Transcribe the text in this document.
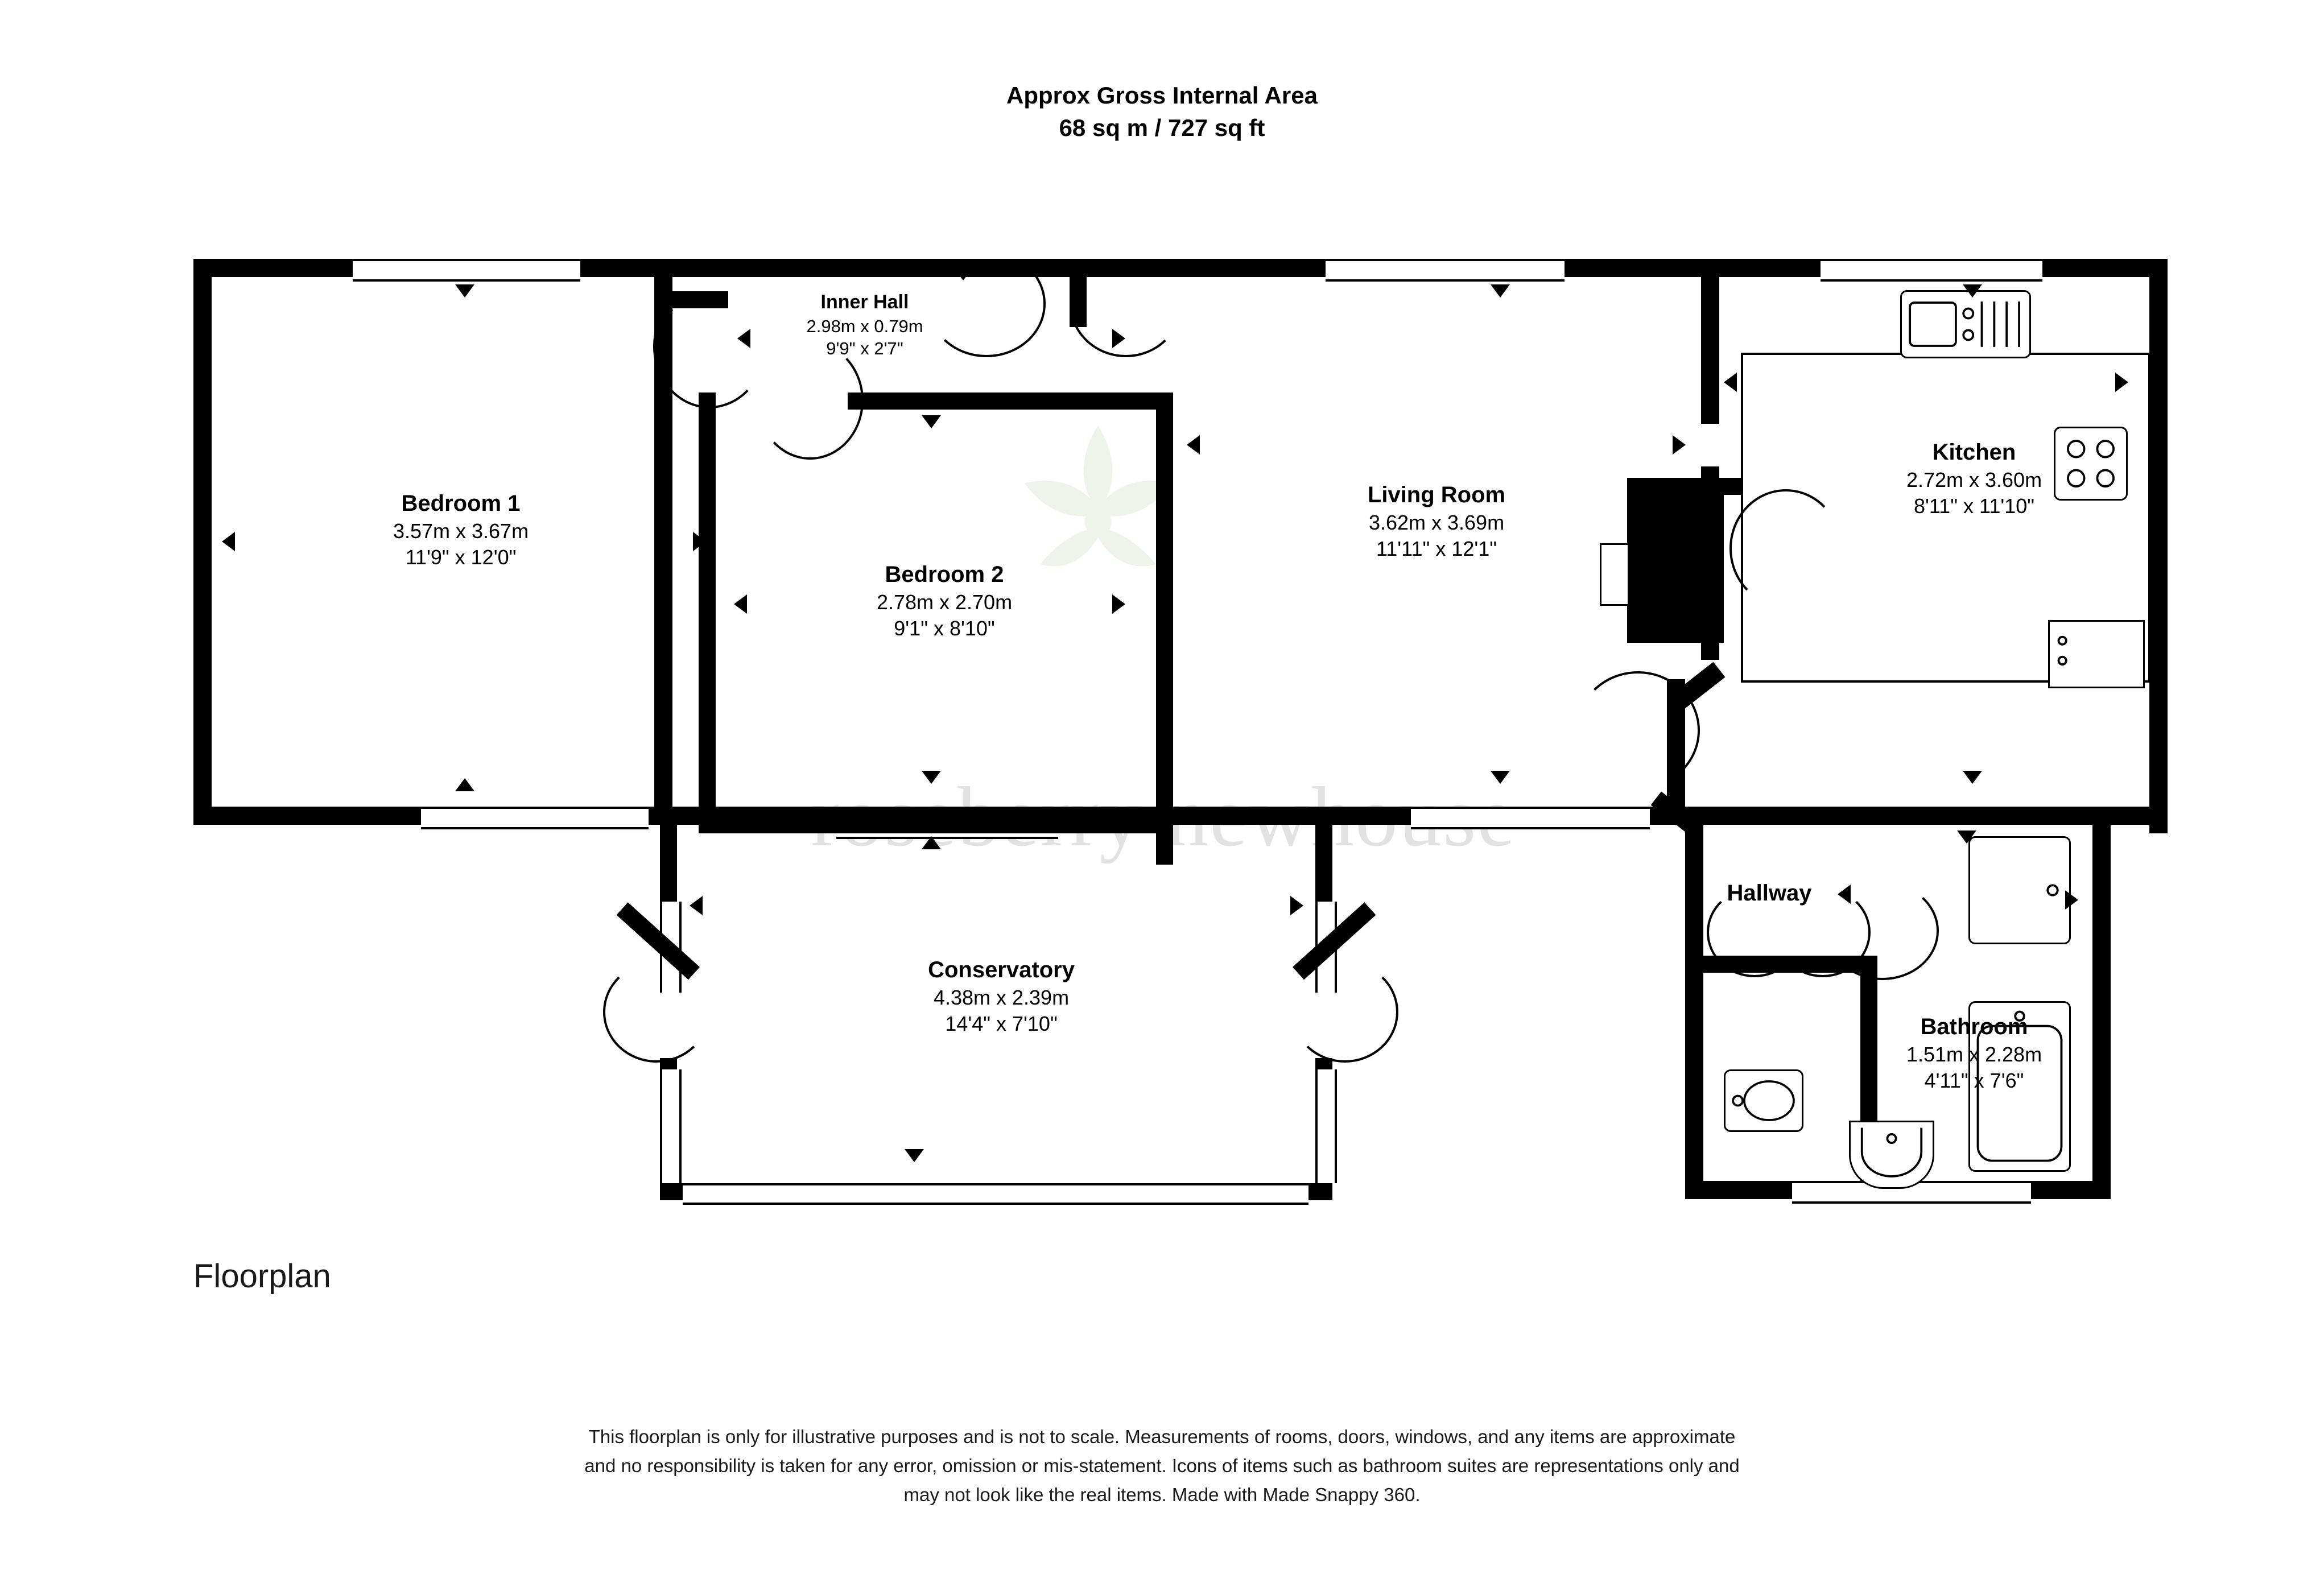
Approx Gross Internal Area
68 sq m / 727 sq ft
newhouse
Bedroom 1
3.57m x 3.67m
11'9" x 12'0"
Inner Hall
2.98m x 0.79m
9'9" x 2'7"
Bedroom 2
2.78m x 2.70m
9'1" x 8'10"
Living Room
3.62m x 3.69m
11'11" x 12'1"
Kitchen
2.72m x 3.60m
8'11" x 11'10"
Conservatory
4.38m x 2.39m
14'4" x 7'10"	Bathroom
1.51m x 2.28m
4'11" x 7'6"
Hallway
Floorplan
This floorplan is only for illustrative purposes and is not to scale. Measurements of rooms, doors, windows, and any items are approximate
and no responsibility is taken for any error, omission or mis-statement. Icons of items such as bathroom suites are representations only and
may not look like the real items. Made with Made Snappy 360.
